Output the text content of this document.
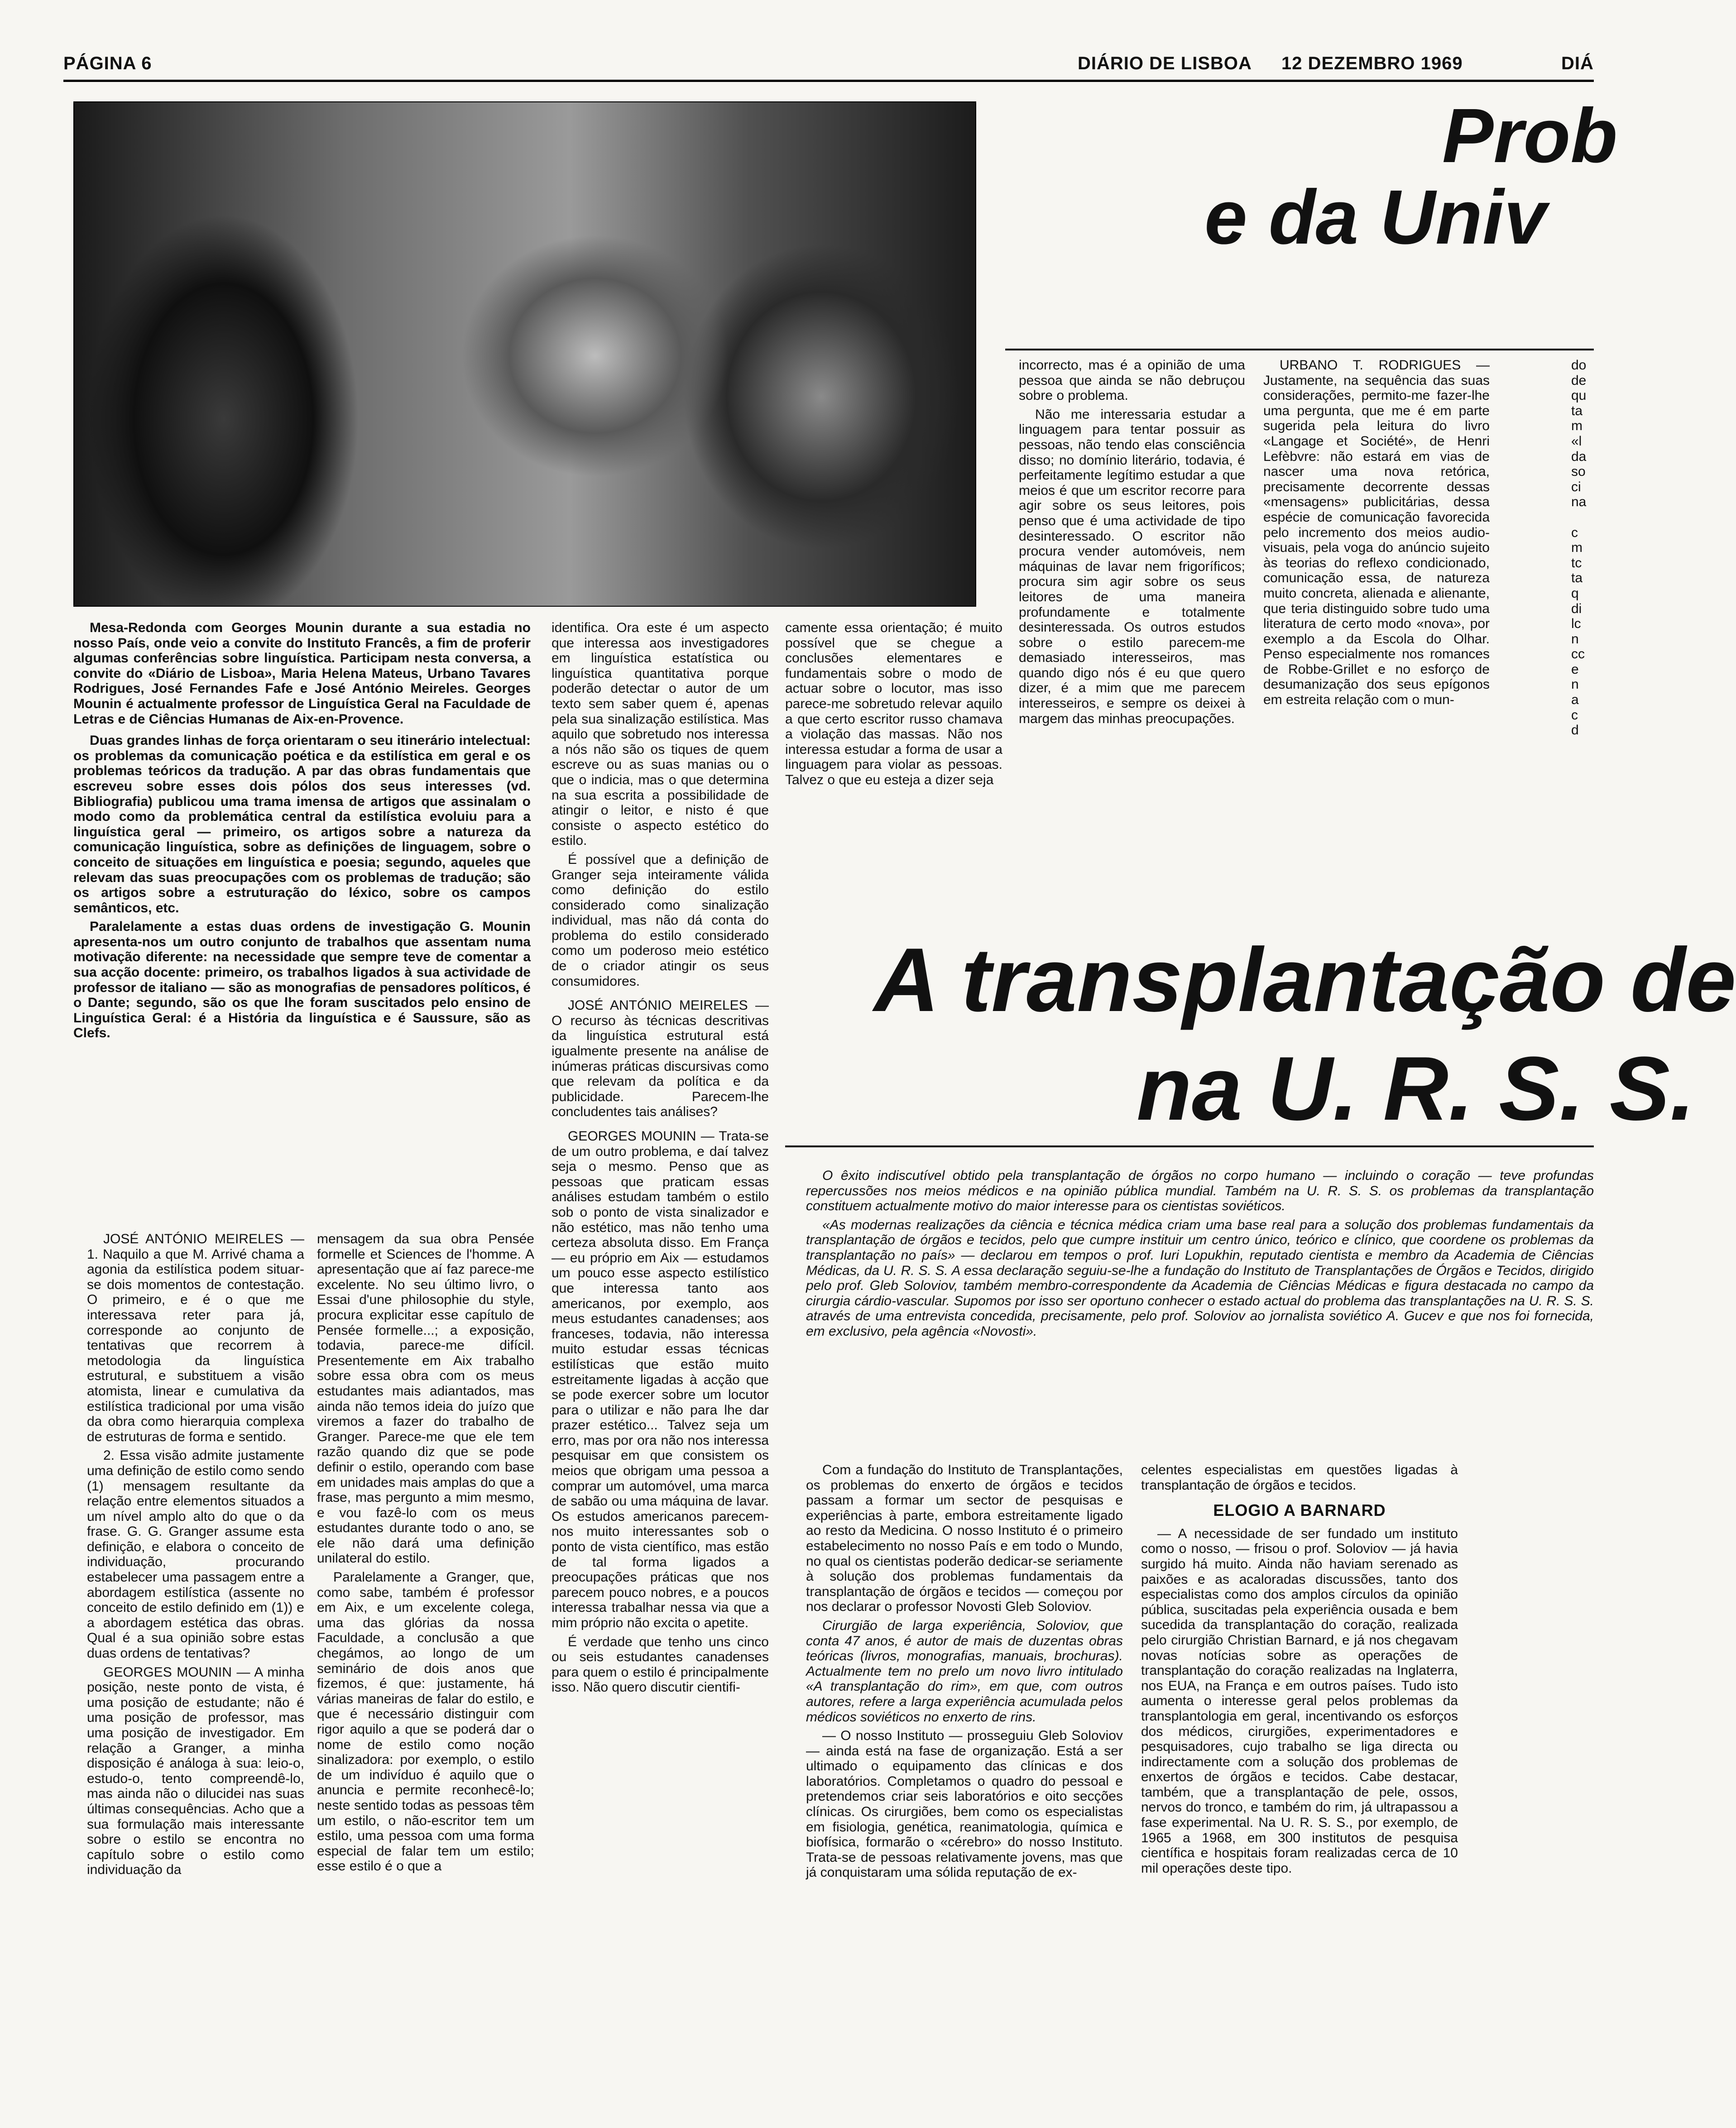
PÁGINA 6	DIÁRIO DE LISBOA 12 DEZEMBRO 1969	DIÁ
Prob
e da Univ

Mesa-Redonda com Georges Mounin durante a sua estadia no nosso País, onde veio a convite do Instituto Francês, a fim de proferir algumas conferências sobre linguística. Participam nesta conversa, a convite do «Diário de Lisboa», Maria Helena Mateus, Urbano Tavares Rodrigues, José Fernandes Fafe e José António Meireles. Georges Mounin é actualmente professor de Linguística Geral na Faculdade de Letras e de Ciências Humanas de Aix-en-Provence.

Duas grandes linhas de força orientaram o seu itinerário intelectual: os problemas da comunicação poética e da estilística em geral e os problemas teóricos da tradução. A par das obras fundamentais que escreveu sobre esses dois pólos dos seus interesses (vd. Bibliografia) publicou uma trama imensa de artigos que assinalam o modo como da problemática central da estilística evoluiu para a linguística geral — primeiro, os artigos sobre a natureza da comunicação linguística, sobre as definições de linguagem, sobre o conceito de situações em linguística e poesia; segundo, aqueles que relevam das suas preocupações com os problemas de tradução; são os artigos sobre a estruturação do léxico, sobre os campos semânticos, etc.

Paralelamente a estas duas ordens de investigação G. Mounin apresenta-nos um outro conjunto de trabalhos que assentam numa motivação diferente: na necessidade que sempre teve de comentar a sua acção docente: primeiro, os trabalhos ligados à sua actividade de professor de italiano — são as monografias de pensadores políticos, é o Dante; segundo, são os que lhe foram suscitados pelo ensino de Linguística Geral: é a História da linguística e é Saussure, são as Clefs.

JOSÉ ANTÓNIO MEIRELES — 1. Naquilo a que M. Arrivé chama a agonia da estilística podem situar-se dois momentos de contestação. O primeiro, e é o que me interessava reter para já, corresponde ao conjunto de tentativas que recorrem à metodologia da linguística estrutural, e substituem a visão atomista, linear e cumulativa da estilística tradicional por uma visão da obra como hierarquia complexa de estruturas de forma e sentido.

2. Essa visão admite justamente uma definição de estilo como sendo (1) mensagem resultante da relação entre elementos situados a um nível amplo alto do que o da frase. G. G. Granger assume esta definição, e elabora o conceito de individuação, procurando estabelecer uma passagem entre a abordagem estilística (assente no conceito de estilo definido em (1)) e a abordagem estética das obras. Qual é a sua opinião sobre estas duas ordens de tentativas?

GEORGES MOUNIN — A minha posição, neste ponto de vista, é uma posição de estudante; não é uma posição de professor, mas uma posição de investigador. Em relação a Granger, a minha disposição é análoga à sua: leio-o, estudo-o, tento compreendê-lo, mas ainda não o dilucidei nas suas últimas consequências. Acho que a sua formulação mais interessante sobre o estilo se encontra no capítulo sobre o estilo como individuação da

mensagem da sua obra Pensée formelle et Sciences de l'homme. A apresentação que aí faz parece-me excelente. No seu último livro, o Essai d'une philosophie du style, procura explicitar esse capítulo de Pensée formelle...; a exposição, todavia, parece-me difícil. Presentemente em Aix trabalho sobre essa obra com os meus estudantes mais adiantados, mas ainda não temos ideia do juízo que viremos a fazer do trabalho de Granger. Parece-me que ele tem razão quando diz que se pode definir o estilo, operando com base em unidades mais amplas do que a frase, mas pergunto a mim mesmo, e vou fazê-lo com os meus estudantes durante todo o ano, se ele não dará uma definição unilateral do estilo.

Paralelamente a Granger, que, como sabe, também é professor em Aix, e um excelente colega, uma das glórias da nossa Faculdade, a conclusão a que chegámos, ao longo de um seminário de dois anos que fizemos, é que: justamente, há várias maneiras de falar do estilo, e que é necessário distinguir com rigor aquilo a que se poderá dar o nome de estilo como noção sinalizadora: por exemplo, o estilo de um indivíduo é aquilo que o anuncia e permite reconhecê-lo; neste sentido todas as pessoas têm um estilo, o não-escritor tem um estilo, uma pessoa com uma forma especial de falar tem um estilo; esse estilo é o que a

identifica. Ora este é um aspecto que interessa aos investigadores em linguística estatística ou linguística quantitativa porque poderão detectar o autor de um texto sem saber quem é, apenas pela sua sinalização estilística. Mas aquilo que sobretudo nos interessa a nós não são os tiques de quem escreve ou as suas manias ou o que o indicia, mas o que determina na sua escrita a possibilidade de atingir o leitor, e nisto é que consiste o aspecto estético do estilo.

É possível que a definição de Granger seja inteiramente válida como definição do estilo considerado como sinalização individual, mas não dá conta do problema do estilo considerado como um poderoso meio estético de o criador atingir os seus consumidores.

JOSÉ ANTÓNIO MEIRELES — O recurso às técnicas descritivas da linguística estrutural está igualmente presente na análise de inúmeras práticas discursivas como que relevam da política e da publicidade. Parecem-lhe concludentes tais análises?

GEORGES MOUNIN — Trata-se de um outro problema, e daí talvez seja o mesmo. Penso que as pessoas que praticam essas análises estudam também o estilo sob o ponto de vista sinalizador e não estético, mas não tenho uma certeza absoluta disso. Em França — eu próprio em Aix — estudamos um pouco esse aspecto estilístico que interessa tanto aos americanos, por exemplo, aos meus estudantes canadenses; aos franceses, todavia, não interessa muito estudar essas técnicas estilísticas que estão muito estreitamente ligadas à acção que se pode exercer sobre um locutor para o utilizar e não para lhe dar prazer estético... Talvez seja um erro, mas por ora não nos interessa pesquisar em que consistem os meios que obrigam uma pessoa a comprar um automóvel, uma marca de sabão ou uma máquina de lavar. Os estudos americanos parecem-nos muito interessantes sob o ponto de vista científico, mas estão de tal forma ligados a preocupações práticas que nos parecem pouco nobres, e a poucos interessa trabalhar nessa via que a mim próprio não excita o apetite.

É verdade que tenho uns cinco ou seis estudantes canadenses para quem o estilo é principalmente isso. Não quero discutir cientifi-

camente essa orientação; é muito possível que se chegue a conclusões elementares e fundamentais sobre o modo de actuar sobre o locutor, mas isso parece-me sobretudo relevar aquilo a que certo escritor russo chamava a violação das massas. Não nos interessa estudar a forma de usar a linguagem para violar as pessoas. Talvez o que eu esteja a dizer seja

incorrecto, mas é a opinião de uma pessoa que ainda se não debruçou sobre o problema.

Não me interessaria estudar a linguagem para tentar possuir as pessoas, não tendo elas consciência disso; no domínio literário, todavia, é perfeitamente legítimo estudar a que meios é que um escritor recorre para agir sobre os seus leitores, pois penso que é uma actividade de tipo desinteressado. O escritor não procura vender automóveis, nem máquinas de lavar nem frigoríficos; procura sim agir sobre os seus leitores de uma maneira profundamente e totalmente desinteressada. Os outros estudos sobre o estilo parecem-me demasiado interesseiros, mas quando digo nós é eu que quero dizer, é a mim que me parecem interesseiros, e sempre os deixei à margem das minhas preocupações.

URBANO T. RODRIGUES — Justamente, na sequência das suas considerações, permito-me fazer-lhe uma pergunta, que me é em parte sugerida pela leitura do livro «Langage et Société», de Henri Lefèbvre: não estará em vias de nascer uma nova retórica, precisamente decorrente dessas «mensagens» publicitárias, dessa espécie de comunicação favorecida pelo incremento dos meios audio-visuais, pela voga do anúncio sujeito às teorias do reflexo condicionado, comunicação essa, de natureza muito concreta, alienada e alienante, que teria distinguido sobre tudo uma literatura de certo modo «nova», por exemplo a da Escola do Olhar. Penso especialmente nos romances de Robbe-Grillet e no esforço de desumanização dos seus epígonos em estreita relação com o mun-

do
de
qu
ta
m
«l
da
so
ci
na
c
m
tc
ta
q
di
lc
n
cc
e
n
a
c
d
A transplantação de
na U. R. S. S.

O êxito indiscutível obtido pela transplantação de órgãos no corpo humano — incluindo o coração — teve profundas repercussões nos meios médicos e na opinião pública mundial. Também na U. R. S. S. os problemas da transplantação constituem actualmente motivo do maior interesse para os cientistas soviéticos.

«As modernas realizações da ciência e técnica médica criam uma base real para a solução dos problemas fundamentais da transplantação de órgãos e tecidos, pelo que cumpre instituir um centro único, teórico e clínico, que coordene os problemas da transplantação no país» — declarou em tempos o prof. Iuri Lopukhin, reputado cientista e membro da Academia de Ciências Médicas, da U. R. S. S. A essa declaração seguiu-se-lhe a fundação do Instituto de Transplantações de Órgãos e Tecidos, dirigido pelo prof. Gleb Soloviov, também membro-correspondente da Academia de Ciências Médicas e figura destacada no campo da cirurgia cárdio-vascular. Supomos por isso ser oportuno conhecer o estado actual do problema das transplantações na U. R. S. S. através de uma entrevista concedida, precisamente, pelo prof. Soloviov ao jornalista soviético A. Gucev e que nos foi fornecida, em exclusivo, pela agência «Novosti».

Com a fundação do Instituto de Transplantações, os problemas do enxerto de órgãos e tecidos passam a formar um sector de pesquisas e experiências à parte, embora estreitamente ligado ao resto da Medicina. O nosso Instituto é o primeiro estabelecimento no nosso País e em todo o Mundo, no qual os cientistas poderão dedicar-se seriamente à solução dos problemas fundamentais da transplantação de órgãos e tecidos — começou por nos declarar o professor Novosti Gleb Soloviov.

Cirurgião de larga experiência, Soloviov, que conta 47 anos, é autor de mais de duzentas obras teóricas (livros, monografias, manuais, brochuras). Actualmente tem no prelo um novo livro intitulado «A transplantação do rim», em que, com outros autores, refere a larga experiência acumulada pelos médicos soviéticos no enxerto de rins.

— O nosso Instituto — prosseguiu Gleb Soloviov — ainda está na fase de organização. Está a ser ultimado o equipamento das clínicas e dos laboratórios. Completamos o quadro do pessoal e pretendemos criar seis laboratórios e oito secções clínicas. Os cirurgiões, bem como os especialistas em fisiologia, genética, reanimatologia, química e biofísica, formarão o «cérebro» do nosso Instituto. Trata-se de pessoas relativamente jovens, mas que já conquistaram uma sólida reputação de ex-

celentes especialistas em questões ligadas à transplantação de órgãos e tecidos.

ELOGIO A BARNARD

— A necessidade de ser fundado um instituto como o nosso, — frisou o prof. Soloviov — já havia surgido há muito. Ainda não haviam serenado as paixões e as acaloradas discussões, tanto dos especialistas como dos amplos círculos da opinião pública, suscitadas pela experiência ousada e bem sucedida da transplantação do coração, realizada pelo cirurgião Christian Barnard, e já nos chegavam novas notícias sobre as operações de transplantação do coração realizadas na Inglaterra, nos EUA, na França e em outros países. Tudo isto aumenta o interesse geral pelos problemas da transplantologia em geral, incentivando os esforços dos médicos, cirurgiões, experimentadores e pesquisadores, cujo trabalho se liga directa ou indirectamente com a solução dos problemas de enxertos de órgãos e tecidos. Cabe destacar, também, que a transplantação de pele, ossos, nervos do tronco, e também do rim, já ultrapassou a fase experimental. Na U. R. S. S., por exemplo, de 1965 a 1968, em 300 institutos de pesquisa científica e hospitais foram realizadas cerca de 10 mil operações deste tipo.
